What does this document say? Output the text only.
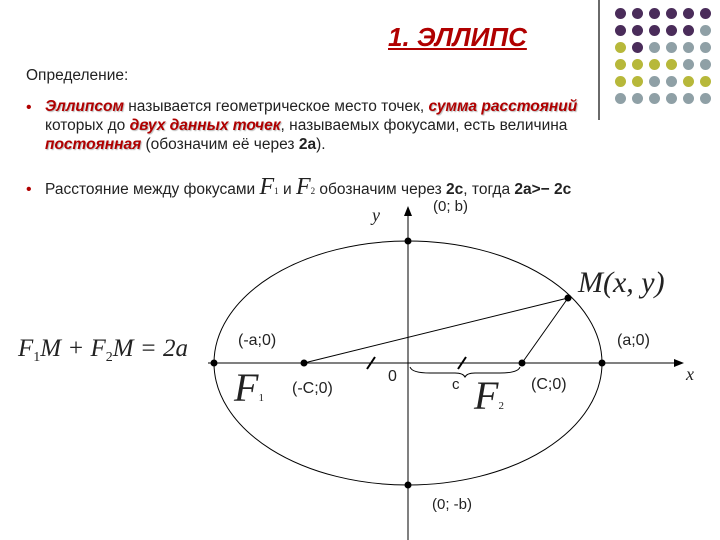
1. ЭЛЛИПС
Определение:
• Эллипсом называется геометрическое место точек, сумма расстояний
которых до двух данных точек, называемых фокусами, есть величина
постоянная (обозначим её через 2a).
• Расстояние между фокусами F1 и F2 обозначим через 2c, тогда 2a>− 2c
y
x
(0; b)
(0; -b)
(-a;0)	(a;0)
(-C;0)	(C;0)
0	c
M(x, y)
F1	F2
$F_1M + F_2M = 2a$
